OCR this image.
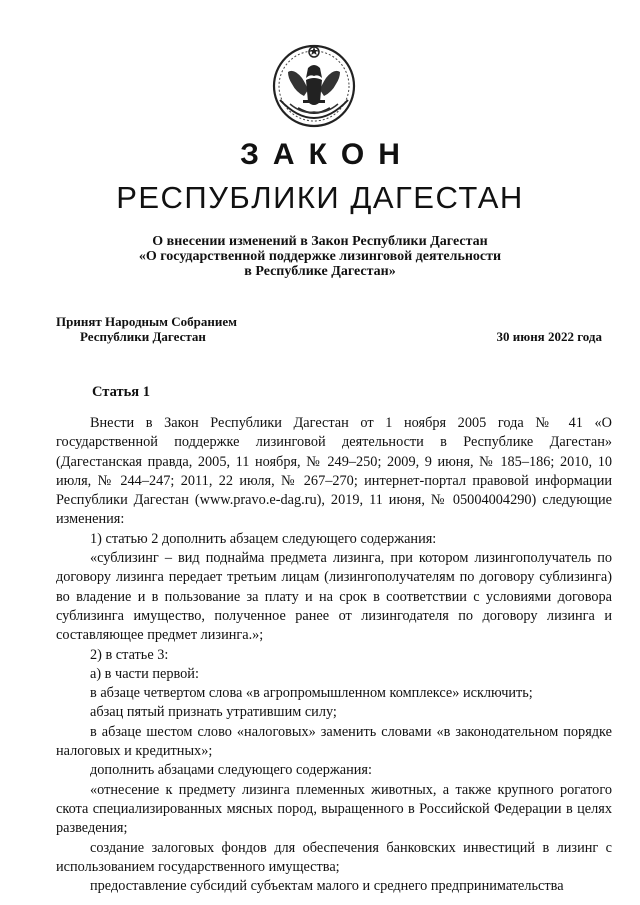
ЗАКОН
РЕСПУБЛИКИ ДАГЕСТАН
О внесении изменений в Закон Республики Дагестан
«О государственной поддержке лизинговой деятельности
в Республике Дагестан»
Принят Народным Собранием
Республики Дагестан	30 июня 2022 года
Статья 1

Внести в Закон Республики Дагестан от 1 ноября 2005 года № 41 «О государственной поддержке лизинговой деятельности в Республике Дагестан» (Дагестанская правда, 2005, 11 ноября, № 249–250; 2009, 9 июня, № 185–186; 2010, 10 июля, № 244–247; 2011, 22 июля, № 267–270; интернет-портал правовой информации Республики Дагестан (www.pravo.e-dag.ru), 2019, 11 июня, № 05004004290) следующие изменения:

1) статью 2 дополнить абзацем следующего содержания:

«сублизинг – вид поднайма предмета лизинга, при котором лизингополучатель по договору лизинга передает третьим лицам (лизингополучателям по договору сублизинга) во владение и в пользование за плату и на срок в соответствии с условиями договора сублизинга имущество, полученное ранее от лизингодателя по договору лизинга и составляющее предмет лизинга.»;

2) в статье 3:

а) в части первой:

в абзаце четвертом слова «в агропромышленном комплексе» исключить;

абзац пятый признать утратившим силу;

в абзаце шестом слово «налоговых» заменить словами «в законодательном порядке налоговых и кредитных»;

дополнить абзацами следующего содержания:

«отнесение к предмету лизинга племенных животных, а также крупного рогатого скота специализированных мясных пород, выращенного в Российской Федерации в целях разведения;

создание залоговых фондов для обеспечения банковских инвестиций в лизинг с использованием государственного имущества;

предоставление субсидий субъектам малого и среднего предпринимательства
